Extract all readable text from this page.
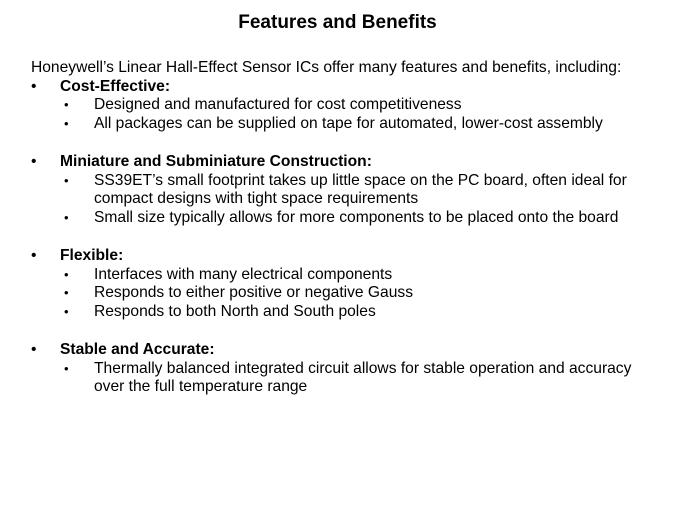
Features and Benefits

Honeywell’s Linear Hall-Effect Sensor ICs offer many features and benefits, including:

•	Cost-Effective:
• Designed and manufactured for cost competitiveness
• All packages can be supplied on tape for automated, lower-cost assembly
•	Miniature and Subminiature Construction:
• SS39ET’s small footprint takes up little space on the PC board, often ideal for compact designs with tight space requirements
• Small size typically allows for more components to be placed onto the board
•	Flexible:
• Interfaces with many electrical components
• Responds to either positive or negative Gauss
• Responds to both North and South poles
•	Stable and Accurate:
• Thermally balanced integrated circuit allows for stable operation and accuracy over the full temperature range
